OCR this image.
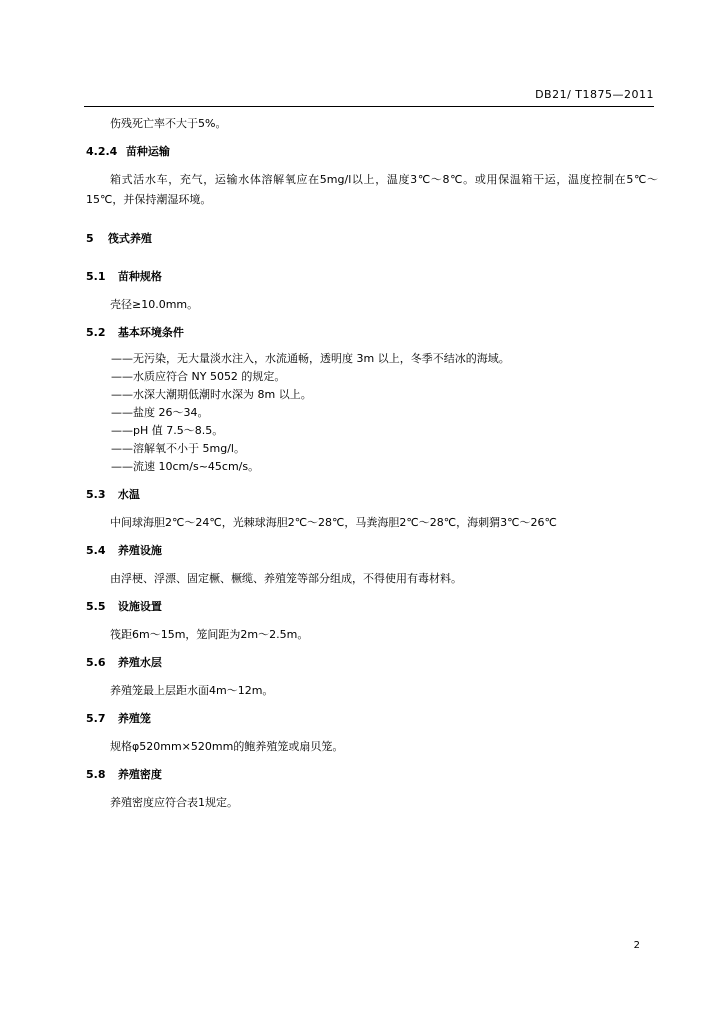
DB21/ T1875—2011

伤残死亡率不大于5%。

4.2.4 苗种运输

箱式活水车，充气，运输水体溶解氧应在5mg/l以上，温度3℃～8℃。或用保温箱干运，温度控制在5℃～15℃，并保持潮湿环境。

5 筏式养殖

5.1 苗种规格

壳径≥10.0mm。

5.2 基本环境条件

——无污染，无大量淡水注入，水流通畅，透明度 3m 以上，冬季不结冰的海域。
——水质应符合 NY 5052 的规定。
——水深大潮期低潮时水深为 8m 以上。
——盐度 26～34。
——pH 值 7.5～8.5。
——溶解氧不小于 5mg/l。
——流速 10cm/s~45cm/s。

5.3 水温

中间球海胆2℃～24℃，光棘球海胆2℃～28℃，马粪海胆2℃～28℃，海刺猬3℃～26℃

5.4 养殖设施

由浮梗、浮漂、固定橛、橛缆、养殖笼等部分组成，不得使用有毒材料。

5.5 设施设置

筏距6m～15m，笼间距为2m～2.5m。

5.6 养殖水层

养殖笼最上层距水面4m～12m。

5.7 养殖笼

规格φ520mm×520mm的鲍养殖笼或扇贝笼。

5.8 养殖密度

养殖密度应符合表1规定。

2
